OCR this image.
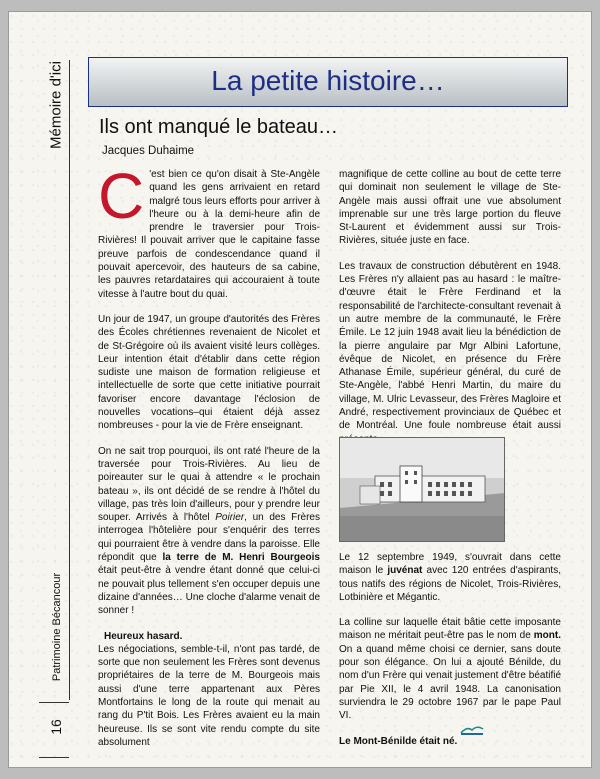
Mémoire d'ici
Patrimoine Bécancour
16
La petite histoire…
Ils ont manqué le bateau…
Jacques Duhaime

C 'est bien ce qu'on disait à Ste-Angèle quand les gens arrivaient en retard malgré tous leurs efforts pour arriver à l'heure ou à la demi-heure afin de prendre le traversier pour Trois-Rivières! Il pouvait arriver que le capitaine fasse preuve parfois de condescendance quand il pouvait apercevoir, des hauteurs de sa cabine, les pauvres retardataires qui accouraient à toute vitesse à l'autre bout du quai.

Un jour de 1947, un groupe d'autorités des Frères des Écoles chrétiennes revenaient de Nicolet et de St-Grégoire où ils avaient visité leurs collèges. Leur intention était d'établir dans cette région sudiste une maison de formation religieuse et intellectuelle de sorte que cette initiative pourrait favoriser encore davantage l'éclosion de nouvelles vocations–qui étaient déjà assez nombreuses - pour la vie de Frère enseignant.

On ne sait trop pourquoi, ils ont raté l'heure de la traversée pour Trois-Rivières. Au lieu de poireauter sur le quai à attendre « le prochain bateau », ils ont décidé de se rendre à l'hôtel du village, pas très loin d'ailleurs, pour y prendre leur souper. Arrivés à l'hôtel Poirier, un des Frères interrogea l'hôtelière pour s'enquérir des terres qui pourraient être à vendre dans la paroisse. Elle répondit que la terre de M. Henri Bourgeois était peut-être à vendre étant donné que celui-ci ne pouvait plus tellement s'en occuper depuis une dizaine d'années… Une cloche d'alarme venait de sonner !

Heureux hasard.

Les négociations, semble-t-il, n'ont pas tardé, de sorte que non seulement les Frères sont devenus propriétaires de la terre de M. Bourgeois mais aussi d'une terre appartenant aux Pères Montfortains le long de la route qui menait au rang du P'tit Bois. Les Frères avaient eu la main heureuse. Ils se sont vite rendu compte du site absolument

magnifique de cette colline au bout de cette terre qui dominait non seulement le village de Ste-Angèle mais aussi offrait une vue absolument imprenable sur une très large portion du fleuve St-Laurent et évidemment aussi sur Trois-Rivières, située juste en face.

Les travaux de construction débutèrent en 1948. Les Frères n'y allaient pas au hasard : le maître-d'œuvre était le Frère Ferdinand et la responsabilité de l'architecte-consultant revenait à un autre membre de la communauté, le Frère Émile. Le 12 juin 1948 avait lieu la bénédiction de la pierre angulaire par Mgr Albini Lafortune, évêque de Nicolet, en présence du Frère Athanase Émile, supérieur général, du curé de Ste-Angèle, l'abbé Henri Martin, du maire du village, M. Ulric Levasseur, des Frères Magloire et André, respectivement provinciaux de Québec et de Montréal. Une foule nombreuse était aussi

Le 12 septembre 1949, s'ouvrait dans cette maison le juvénat avec 120 entrées d'aspirants, tous natifs des régions de Nicolet, Trois-Rivières, Lotbinière et Mégantic.

La colline sur laquelle était bâtie cette imposante maison ne méritait peut-être pas le nom de mont. On a quand même choisi ce dernier, sans doute pour son élégance. On lui a ajouté Bénilde, du nom d'un Frère qui venait justement d'être béatifié par Pie XII, le 4 avril 1948. La canonisation surviendra le 29 octobre 1967 par le pape Paul VI.

Le Mont-Bénilde était né.
